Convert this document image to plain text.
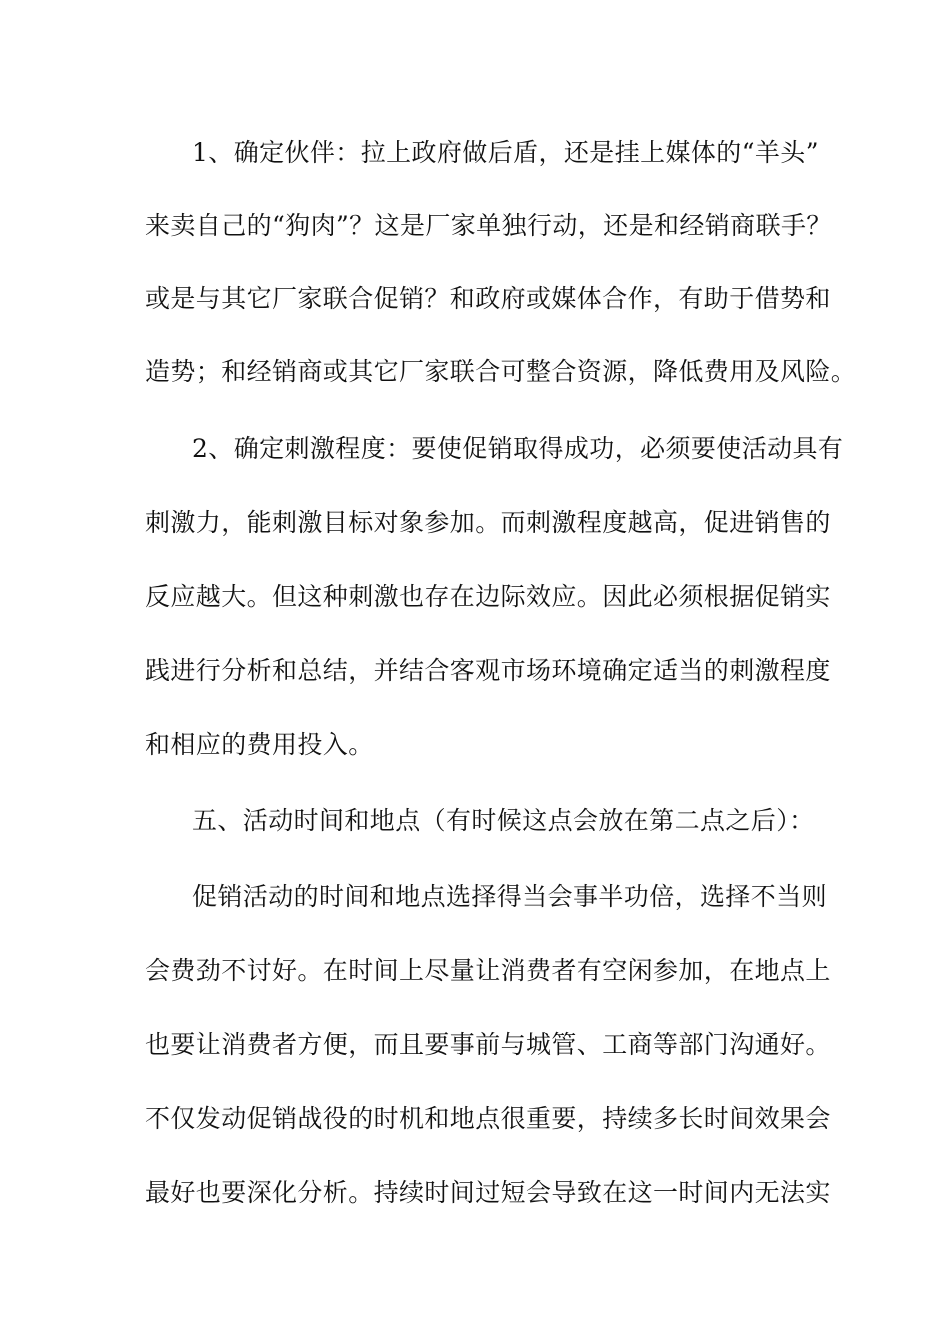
1、确定伙伴：拉上政府做后盾，还是挂上媒体的“羊头”
来卖自己的“狗肉”？这是厂家单独行动，还是和经销商联手？
或是与其它厂家联合促销？和政府或媒体合作，有助于借势和
造势；和经销商或其它厂家联合可整合资源，降低费用及风险。
2、确定刺激程度：要使促销取得成功，必须要使活动具有
刺激力，能刺激目标对象参加。而刺激程度越高，促进销售的
反应越大。但这种刺激也存在边际效应。因此必须根据促销实
践进行分析和总结，并结合客观市场环境确定适当的刺激程度
和相应的费用投入。
五、活动时间和地点（有时候这点会放在第二点之后）：
促销活动的时间和地点选择得当会事半功倍，选择不当则
会费劲不讨好。在时间上尽量让消费者有空闲参加，在地点上
也要让消费者方便，而且要事前与城管、工商等部门沟通好。
不仅发动促销战役的时机和地点很重要，持续多长时间效果会
最好也要深化分析。持续时间过短会导致在这一时间内无法实
